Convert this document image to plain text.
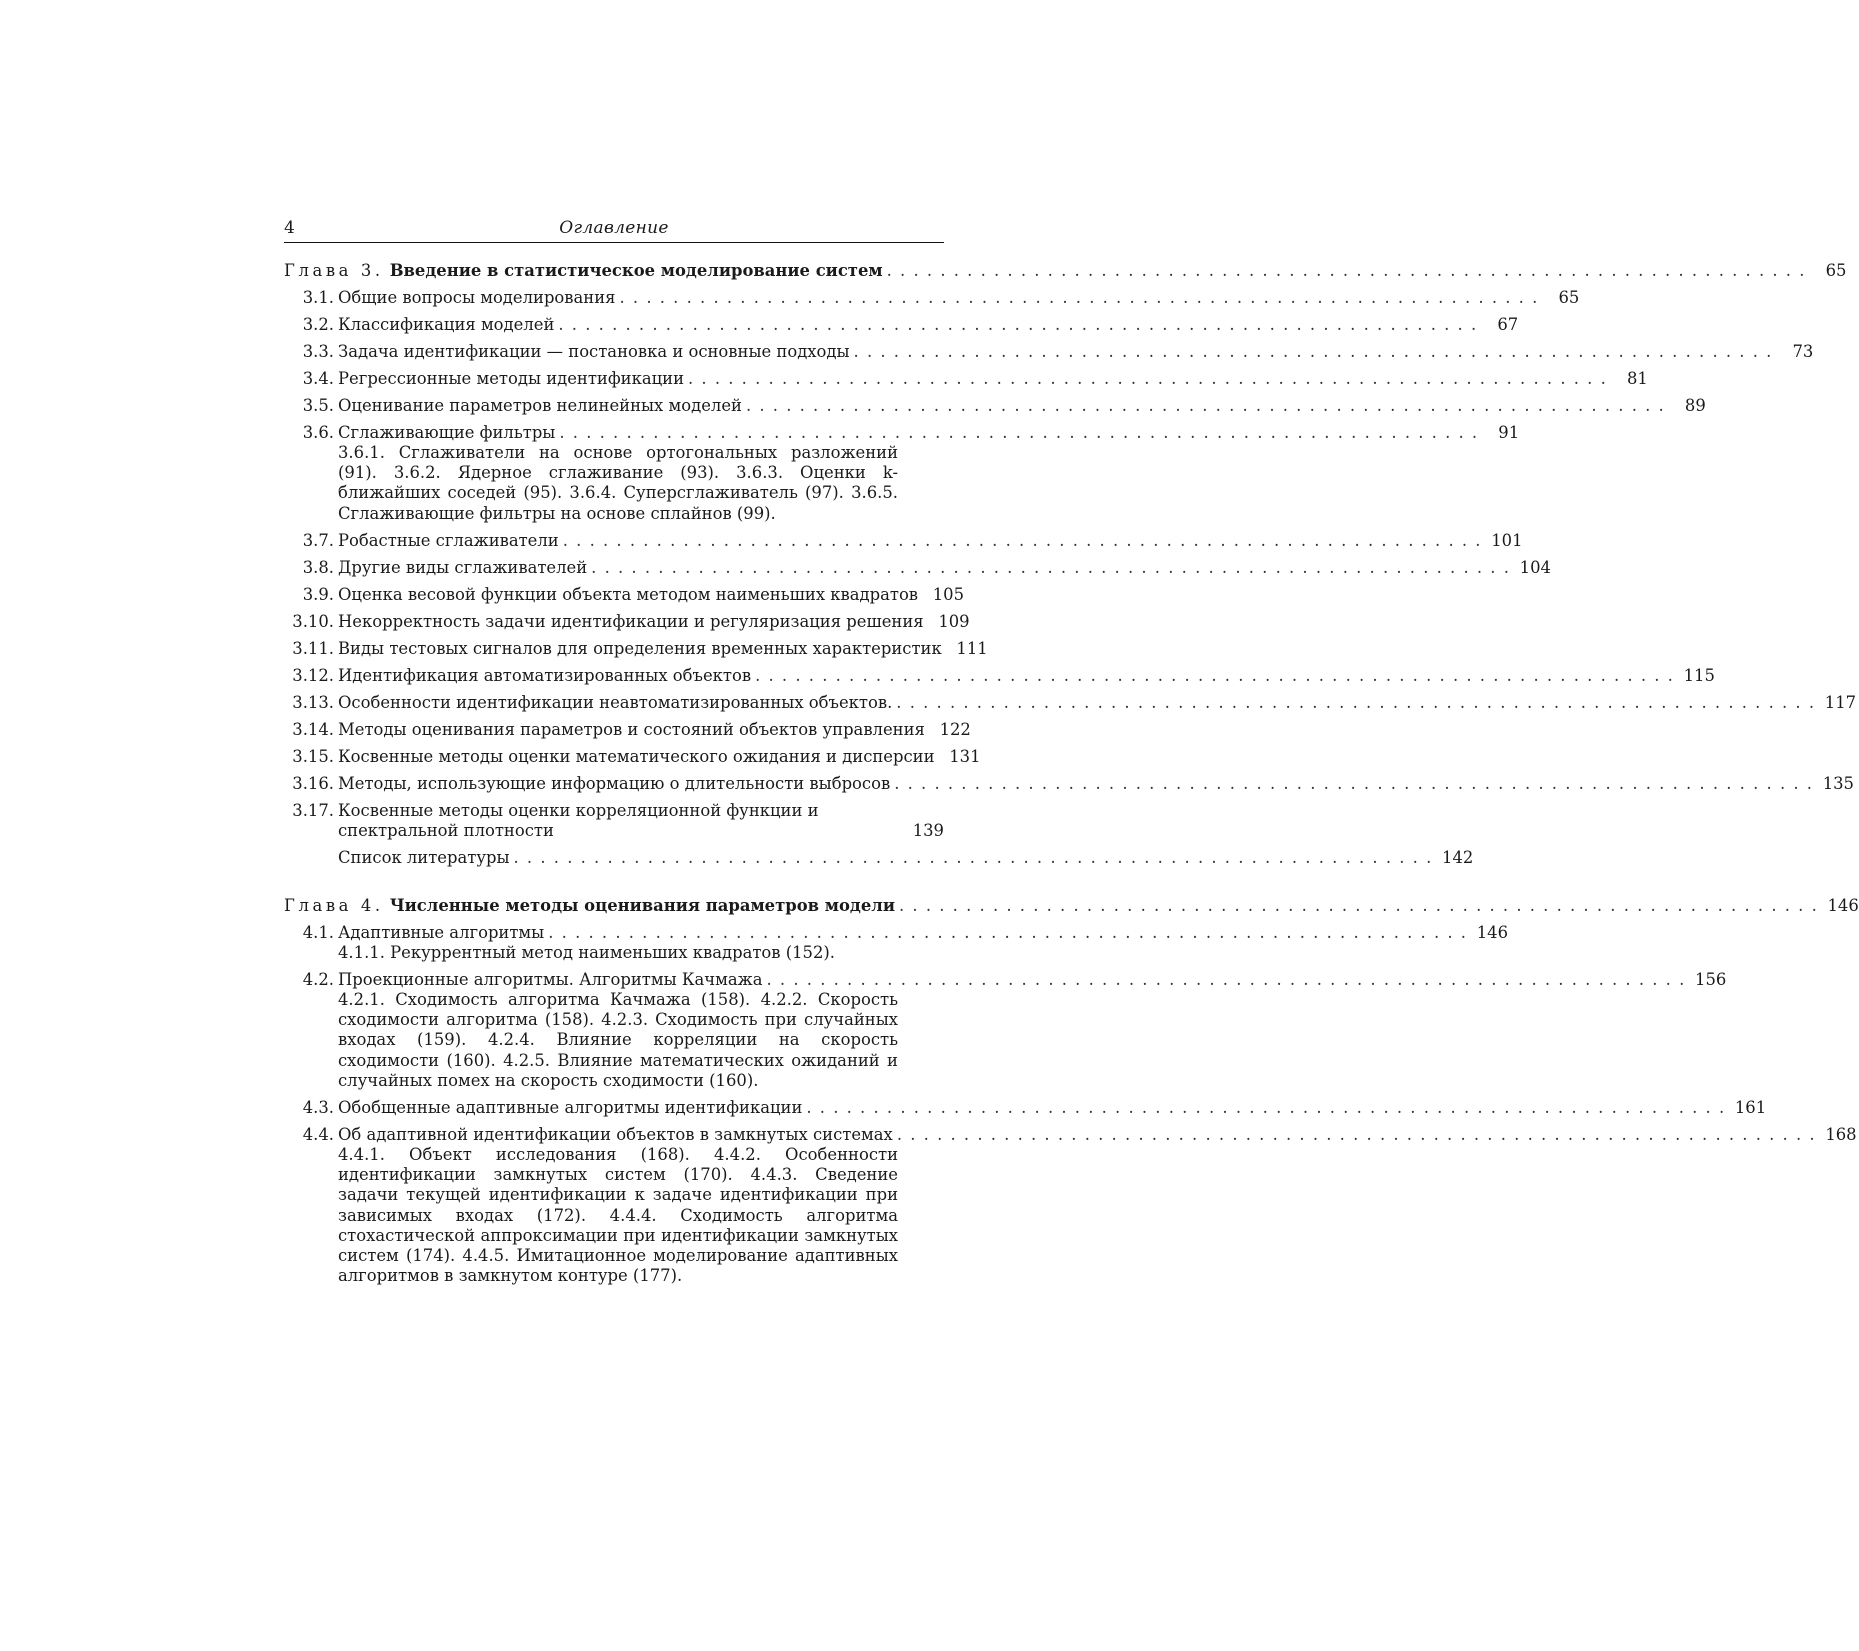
4	Оглавление
Глава 3. Введение в статистическое моделирование систем . . .	65
3.1. Общие вопросы моделирования . . .	65
3.2. Классификация моделей . . .	67
3.3. Задача идентификации — постановка и основные подходы . . .	73
3.4. Регрессионные методы идентификации . . .	81
3.5. Оценивание параметров нелинейных моделей . . .	89
3.6. Сглаживающие фильтры . . .	91
3.6.1. Сглаживатели на основе ортогональных разложений (91). 3.6.2. Ядерное сглаживание (93). 3.6.3. Оценки k-ближайших соседей (95). 3.6.4. Суперсглаживатель (97). 3.6.5. Сглаживающие фильтры на основе сплайнов (99).
3.7. Робастные сглаживатели . . .	101
3.8. Другие виды сглаживателей . . .	104
3.9. Оценка весовой функции объекта методом наименьших квадратов 105
3.10. Некорректность задачи идентификации и регуляризация решения 109
3.11. Виды тестовых сигналов для определения временных характеристик 111
3.12. Идентификация автоматизированных объектов . . .	115
3.13. Особенности идентификации неавтоматизированных объектов. . . .	117
3.14. Методы оценивания параметров и состояний объектов управления 122
3.15. Косвенные методы оценки математического ожидания и дисперсии 131
3.16. Методы, использующие информацию о длительности выбросов . . .	135
3.17. Косвенные методы оценки корреляционной функции и спектральной плотности	139
Список литературы . . .	142
Глава 4. Численные методы оценивания параметров модели . . .	146
4.1. Адаптивные алгоритмы . . .	146
4.1.1. Рекуррентный метод наименьших квадратов (152).
4.2. Проекционные алгоритмы. Алгоритмы Качмажа . . .	156
4.2.1. Сходимость алгоритма Качмажа (158). 4.2.2. Скорость сходимости алгоритма (158). 4.2.3. Сходимость при случайных входах (159). 4.2.4. Влияние корреляции на скорость сходимости (160). 4.2.5. Влияние математических ожиданий и случайных помех на скорость сходимости (160).
4.3. Обобщенные адаптивные алгоритмы идентификации . . .	161
4.4. Об адаптивной идентификации объектов в замкнутых системах . . .	168
4.4.1. Объект исследования (168). 4.4.2. Особенности идентификации замкнутых систем (170). 4.4.3. Сведение задачи текущей идентификации к задаче идентификации при зависимых входах (172). 4.4.4. Сходимость алгоритма стохастической аппроксимации при идентификации замкнутых систем (174). 4.4.5. Имитационное моделирование адаптивных алгоритмов в замкнутом контуре (177).
